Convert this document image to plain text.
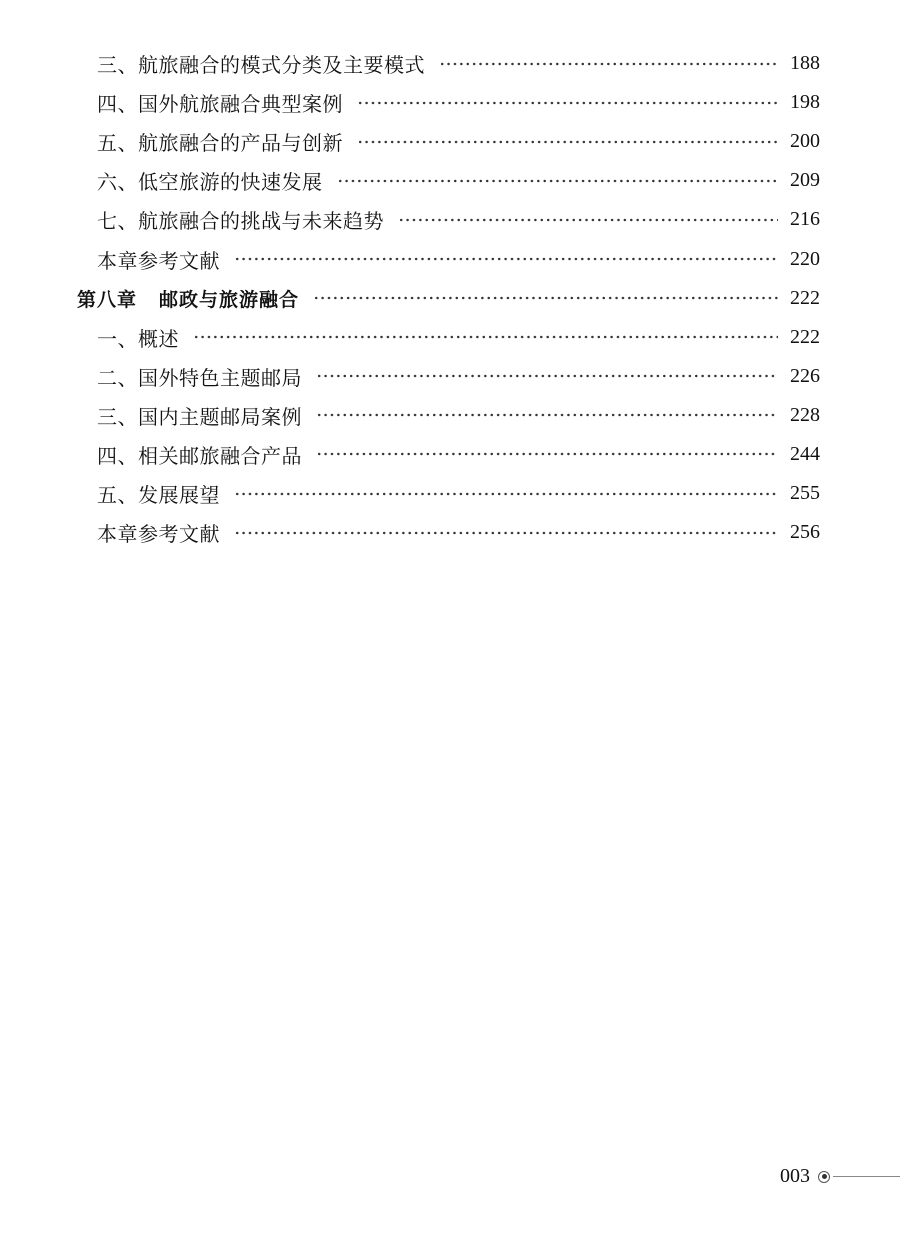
三、航旅融合的模式分类及主要模式	188
四、国外航旅融合典型案例	198
五、航旅融合的产品与创新	200
六、低空旅游的快速发展	209
七、航旅融合的挑战与未来趋势	216
本章参考文献	220
第八章 邮政与旅游融合	222
一、概述	222
二、国外特色主题邮局	226
三、国内主题邮局案例	228
四、相关邮旅融合产品	244
五、发展展望	255
本章参考文献	256
003
